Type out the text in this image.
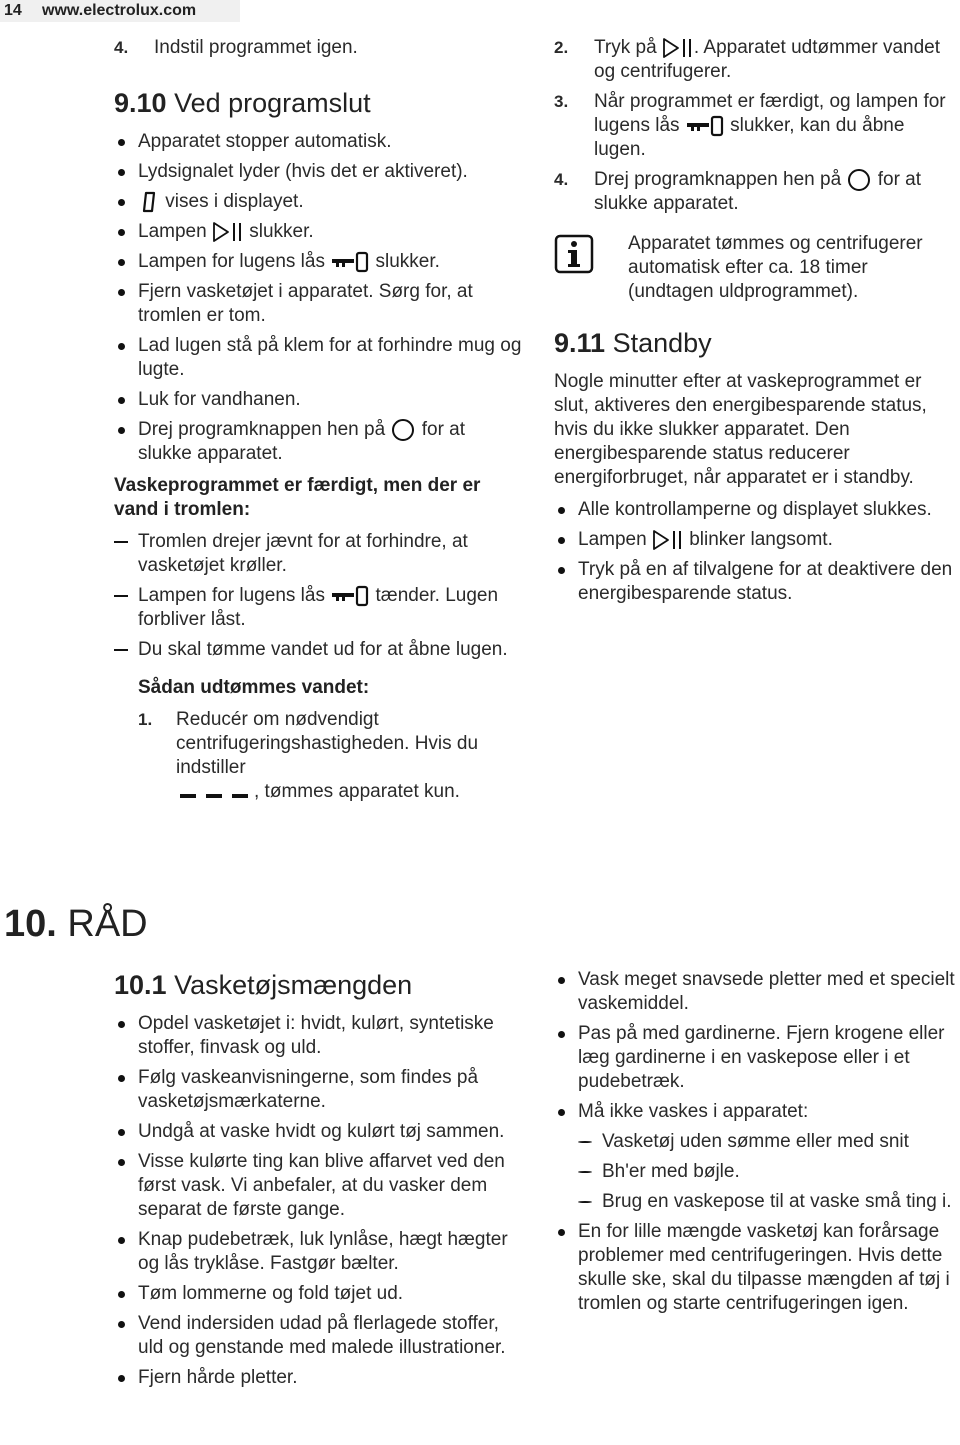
14 www.electrolux.com
4. Indstil programmet igen.
9.10 Ved programslut
Apparatet stopper automatisk.
Lydsignalet lyder (hvis det er aktiveret).
vises i displayet.
Lampen slukker.
Lampen for lugens lås	slukker.
Fjern vasketøjet i apparatet. Sørg for, at tromlen er tom.
Lad lugen stå på klem for at forhindre mug og lugte.
Luk for vandhanen.
Drej programknappen hen på for at slukke apparatet.
Vaskeprogrammet er færdigt, men der er vand i tromlen:
Tromlen drejer jævnt for at forhindre, at vasketøjet krøller.
Lampen for lugens lås	tænder. Lugen forbliver låst.
Du skal tømme vandet ud for at åbne lugen.
Sådan udtømmes vandet:
1. Reducér om nødvendigt centrifugeringshastigheden. Hvis du indstiller

, tømmes apparatet kun.
2. Tryk på . Apparatet udtømmer vandet og centrifugerer.
3. Når programmet er færdigt, og lampen for lugens lås	slukker, kan du åbne lugen.
4. Drej programknappen hen på for at slukke apparatet.
Apparatet tømmes og centrifugerer automatisk efter ca. 18 timer (undtagen uldprogrammet).
9.11 Standby
Nogle minutter efter at vaskeprogrammet er slut, aktiveres den energibesparende status, hvis du ikke slukker apparatet. Den energibesparende status reducerer energiforbruget, når apparatet er i standby.
Alle kontrollamperne og displayet slukkes.
Lampen blinker langsomt.
Tryk på en af tilvalgene for at deaktivere den energibesparende status.
10. RÅD
10.1 Vasketøjsmængden
Opdel vasketøjet i: hvidt, kulørt, syntetiske stoffer, finvask og uld.
Følg vaskeanvisningerne, som findes på vasketøjsmærkaterne.
Undgå at vaske hvidt og kulørt tøj sammen.
Visse kulørte ting kan blive affarvet ved den først vask. Vi anbefaler, at du vasker dem separat de første gange.
Knap pudebetræk, luk lynlåse, hægt hægter og lås tryklåse. Fastgør bælter.
Tøm lommerne og fold tøjet ud.
Vend indersiden udad på flerlagede stoffer, uld og genstande med malede illustrationer.
Fjern hårde pletter.
Vask meget snavsede pletter med et specielt vaskemiddel.
Pas på med gardinerne. Fjern krogene eller læg gardinerne i en vaskepose eller i et pudebetræk.
Må ikke vaskes i apparatet:
Vasketøj uden sømme eller med snit
Bh'er med bøjle.
Brug en vaskepose til at vaske små ting i.
En for lille mængde vasketøj kan forårsage problemer med centrifugeringen. Hvis dette skulle ske, skal du tilpasse mængden af tøj i tromlen og starte centrifugeringen igen.
